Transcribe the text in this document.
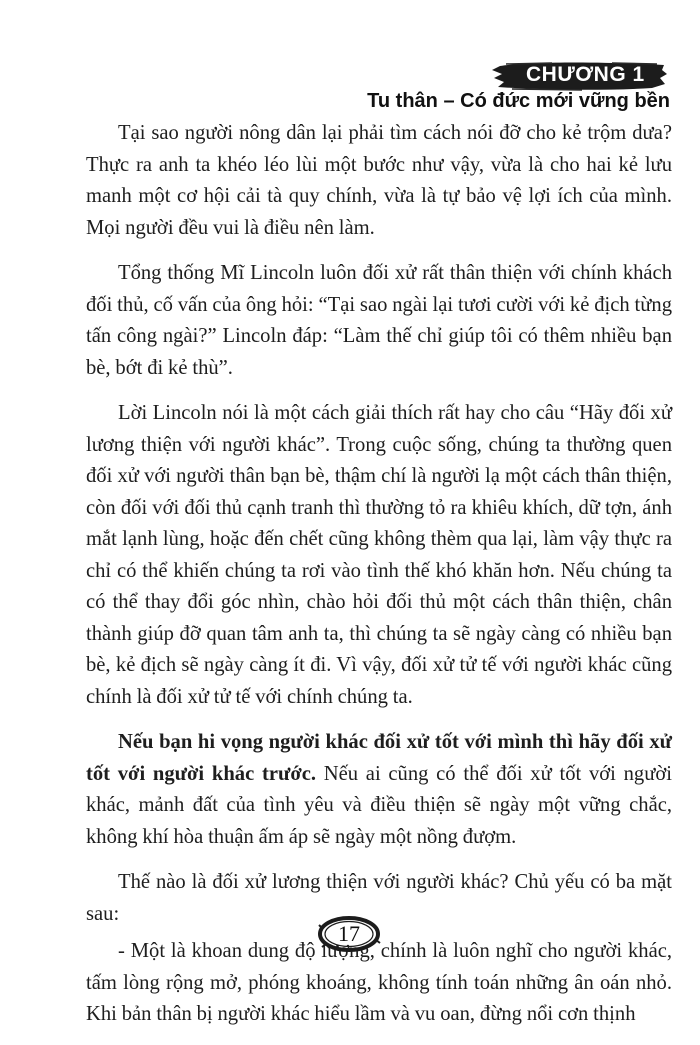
CHƯƠNG 1
Tu thân – Có đức mới vững bền

Tại sao người nông dân lại phải tìm cách nói đỡ cho kẻ trộm dưa? Thực ra anh ta khéo léo lùi một bước như vậy, vừa là cho hai kẻ lưu manh một cơ hội cải tà quy chính, vừa là tự bảo vệ lợi ích của mình. Mọi người đều vui là điều nên làm.

Tổng thống Mĩ Lincoln luôn đối xử rất thân thiện với chính khách đối thủ, cố vấn của ông hỏi: “Tại sao ngài lại tươi cười với kẻ địch từng tấn công ngài?” Lincoln đáp: “Làm thế chỉ giúp tôi có thêm nhiều bạn bè, bớt đi kẻ thù”.

Lời Lincoln nói là một cách giải thích rất hay cho câu “Hãy đối xử lương thiện với người khác”. Trong cuộc sống, chúng ta thường quen đối xử với người thân bạn bè, thậm chí là người lạ một cách thân thiện, còn đối với đối thủ cạnh tranh thì thường tỏ ra khiêu khích, dữ tợn, ánh mắt lạnh lùng, hoặc đến chết cũng không thèm qua lại, làm vậy thực ra chỉ có thể khiến chúng ta rơi vào tình thế khó khăn hơn. Nếu chúng ta có thể thay đổi góc nhìn, chào hỏi đối thủ một cách thân thiện, chân thành giúp đỡ quan tâm anh ta, thì chúng ta sẽ ngày càng có nhiều bạn bè, kẻ địch sẽ ngày càng ít đi. Vì vậy, đối xử tử tế với người khác cũng chính là đối xử tử tế với chính chúng ta.

Nếu bạn hi vọng người khác đối xử tốt với mình thì hãy đối xử tốt với người khác trước. Nếu ai cũng có thể đối xử tốt với người khác, mảnh đất của tình yêu và điều thiện sẽ ngày một vững chắc, không khí hòa thuận ấm áp sẽ ngày một nồng đượm.

Thế nào là đối xử lương thiện với người khác? Chủ yếu có ba mặt sau:

- Một là khoan dung độ lượng, chính là luôn nghĩ cho người khác, tấm lòng rộng mở, phóng khoáng, không tính toán những ân oán nhỏ. Khi bản thân bị người khác hiểu lầm và vu oan, đừng nổi cơn thịnh

17
